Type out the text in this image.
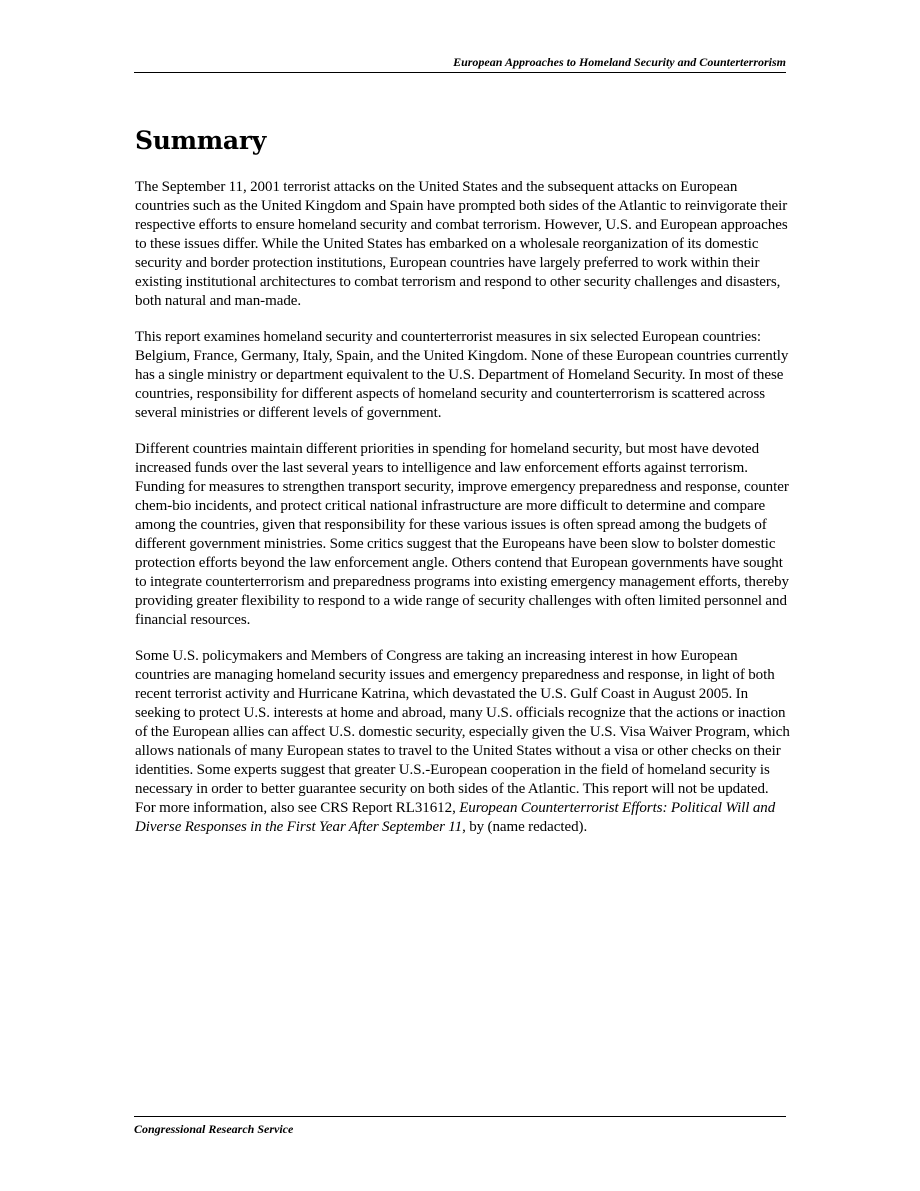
European Approaches to Homeland Security and Counterterrorism
Summary

The September 11, 2001 terrorist attacks on the United States and the subsequent attacks on European countries such as the United Kingdom and Spain have prompted both sides of the Atlantic to reinvigorate their respective efforts to ensure homeland security and combat terrorism. However, U.S. and European approaches to these issues differ. While the United States has embarked on a wholesale reorganization of its domestic security and border protection institutions, European countries have largely preferred to work within their existing institutional architectures to combat terrorism and respond to other security challenges and disasters, both natural and man-made.

This report examines homeland security and counterterrorist measures in six selected European countries: Belgium, France, Germany, Italy, Spain, and the United Kingdom. None of these European countries currently has a single ministry or department equivalent to the U.S. Department of Homeland Security. In most of these countries, responsibility for different aspects of homeland security and counterterrorism is scattered across several ministries or different levels of government.

Different countries maintain different priorities in spending for homeland security, but most have devoted increased funds over the last several years to intelligence and law enforcement efforts against terrorism. Funding for measures to strengthen transport security, improve emergency preparedness and response, counter chem-bio incidents, and protect critical national infrastructure are more difficult to determine and compare among the countries, given that responsibility for these various issues is often spread among the budgets of different government ministries. Some critics suggest that the Europeans have been slow to bolster domestic protection efforts beyond the law enforcement angle. Others contend that European governments have sought to integrate counterterrorism and preparedness programs into existing emergency management efforts, thereby providing greater flexibility to respond to a wide range of security challenges with often limited personnel and financial resources.

Some U.S. policymakers and Members of Congress are taking an increasing interest in how European countries are managing homeland security issues and emergency preparedness and response, in light of both recent terrorist activity and Hurricane Katrina, which devastated the U.S. Gulf Coast in August 2005. In seeking to protect U.S. interests at home and abroad, many U.S. officials recognize that the actions or inaction of the European allies can affect U.S. domestic security, especially given the U.S. Visa Waiver Program, which allows nationals of many European states to travel to the United States without a visa or other checks on their identities. Some experts suggest that greater U.S.-European cooperation in the field of homeland security is necessary in order to better guarantee security on both sides of the Atlantic. This report will not be updated. For more information, also see CRS Report RL31612, European Counterterrorist Efforts: Political Will and Diverse Responses in the First Year After September 11, by (name redacted).

Congressional Research Service
